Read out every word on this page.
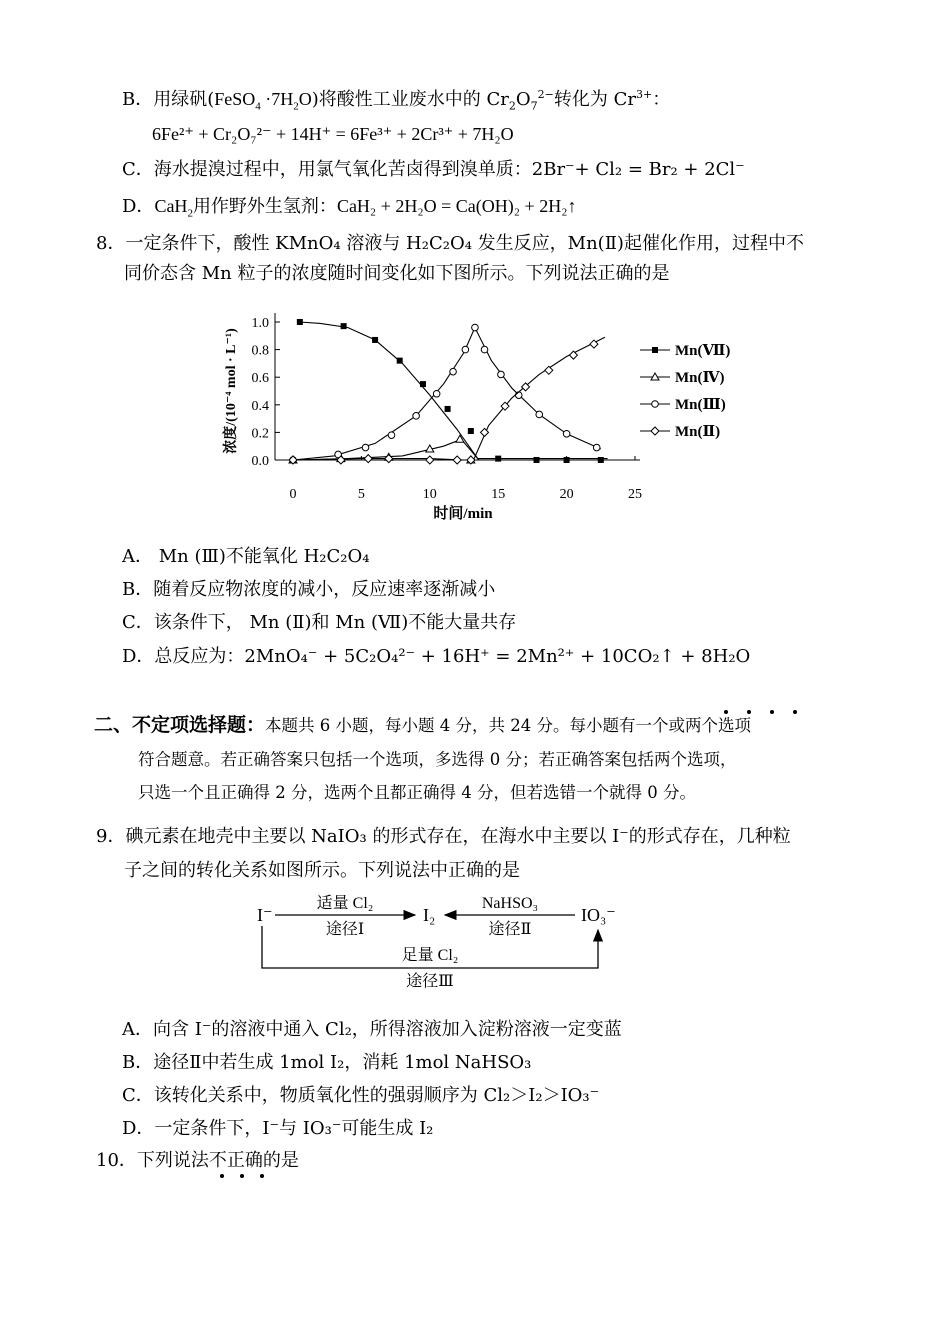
B．用绿矾(FeSO$_4$ $\cdot 7H_2O$)将酸性工业废水中的 $Cr_2O_7^{2-}$转化为 $Cr^{3+}$：
6Fe²⁺ + Cr₂O₇²⁻ + 14H⁺ = 6Fe³⁺ + 2Cr³⁺ + 7H₂O
C．海水提溴过程中，用氯气氧化苦卤得到溴单质：2Br⁻+ Cl₂ = Br₂ + 2Cl⁻
D．CaH$_2$用作野外生氢剂：CaH₂ + 2H₂O = Ca(OH)₂ + 2H₂↑
8．一定条件下，酸性 KMnO₄ 溶液与 H₂C₂O₄ 发生反应，Mn(Ⅱ)起催化作用，过程中不
同价态含 Mn 粒子的浓度随时间变化如下图所示。下列说法正确的是
0.0
0.2
0.4
0.6
0.8
1.0
0	5	10	15	20	25
时间/min
浓度/(10⁻⁴ mol · L⁻¹)	Mn(Ⅶ)
Mn(Ⅳ)
Mn(Ⅲ)
Mn(Ⅱ)
A． Mn (Ⅲ)不能氧化 H₂C₂O₄
B．随着反应物浓度的减小，反应速率逐渐减小
C．该条件下， Mn (Ⅱ)和 Mn (Ⅶ)不能大量共存
D．总反应为：2MnO₄⁻ + 5C₂O₄²⁻ + 16H⁺ = 2Mn²⁺ + 10CO₂↑ + 8H₂O
二、不定项选择题：本题共 6 小题，每小题 4 分，共 24 分。每小题有一个或两个选项
符合题意。若正确答案只包括一个选项，多选得 0 分；若正确答案包括两个选项，
只选一个且正确得 2 分，选两个且都正确得 4 分，但若选错一个就得 0 分。
9．碘元素在地壳中主要以 NaIO₃ 的形式存在，在海水中主要以 I⁻的形式存在，几种粒
子之间的转化关系如图所示。下列说法中正确的是
I⁻
适量 Cl₂
途径Ⅰ
I₂
NaHSO₃
途径Ⅱ
IO₃⁻
足量 Cl₂
途径Ⅲ
A．向含 I⁻的溶液中通入 Cl₂，所得溶液加入淀粉溶液一定变蓝
B．途径Ⅱ中若生成 1mol I₂，消耗 1mol NaHSO₃
C．该转化关系中，物质氧化性的强弱顺序为 Cl₂＞I₂＞IO₃⁻
D．一定条件下，I⁻与 IO₃⁻可能生成 I₂
10．下列说法不正确的是
